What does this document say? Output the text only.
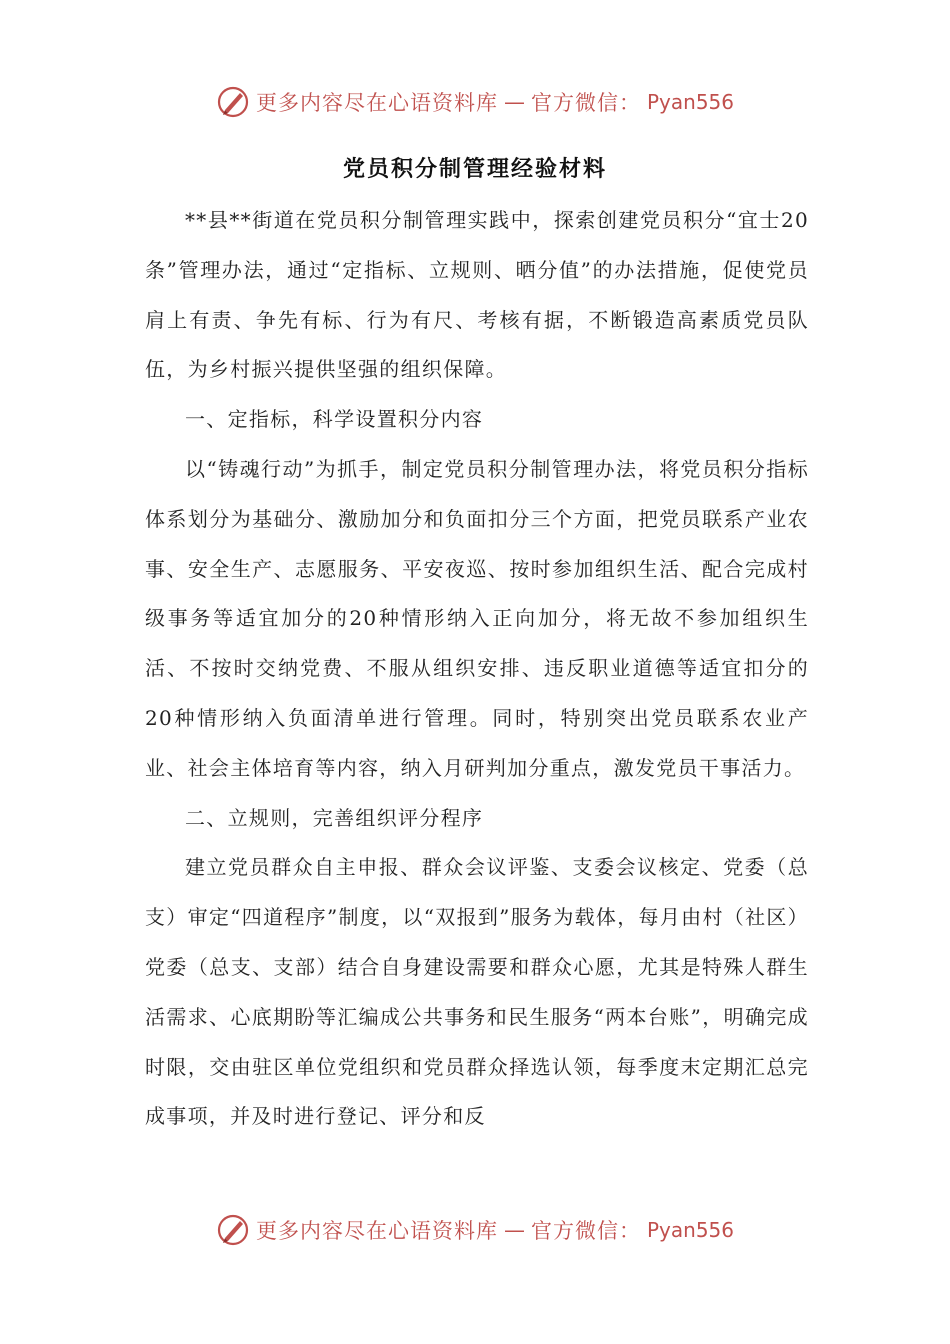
更多内容尽在心语资料库 — 官方微信： Pyan556
党员积分制管理经验材料

**县**街道在党员积分制管理实践中，探索创建党员积分“宜士20条”管理办法，通过“定指标、立规则、晒分值”的办法措施，促使党员肩上有责、争先有标、行为有尺、考核有据，不断锻造高素质党员队伍，为乡村振兴提供坚强的组织保障。

一、定指标，科学设置积分内容

以“铸魂行动”为抓手，制定党员积分制管理办法，将党员积分指标体系划分为基础分、激励加分和负面扣分三个方面，把党员联系产业农事、安全生产、志愿服务、平安夜巡、按时参加组织生活、配合完成村级事务等适宜加分的20种情形纳入正向加分，将无故不参加组织生活、不按时交纳党费、不服从组织安排、违反职业道德等适宜扣分的20种情形纳入负面清单进行管理。同时，特别突出党员联系农业产业、社会主体培育等内容，纳入月研判加分重点，激发党员干事活力。

二、立规则，完善组织评分程序

建立党员群众自主申报、群众会议评鉴、支委会议核定、党委（总支）审定“四道程序”制度，以“双报到”服务为载体，每月由村（社区）党委（总支、支部）结合自身建设需要和群众心愿，尤其是特殊人群生活需求、心底期盼等汇编成公共事务和民生服务“两本台账”，明确完成时限，交由驻区单位党组织和党员群众择选认领，每季度末定期汇总完成事项，并及时进行登记、评分和反

更多内容尽在心语资料库 — 官方微信： Pyan556
